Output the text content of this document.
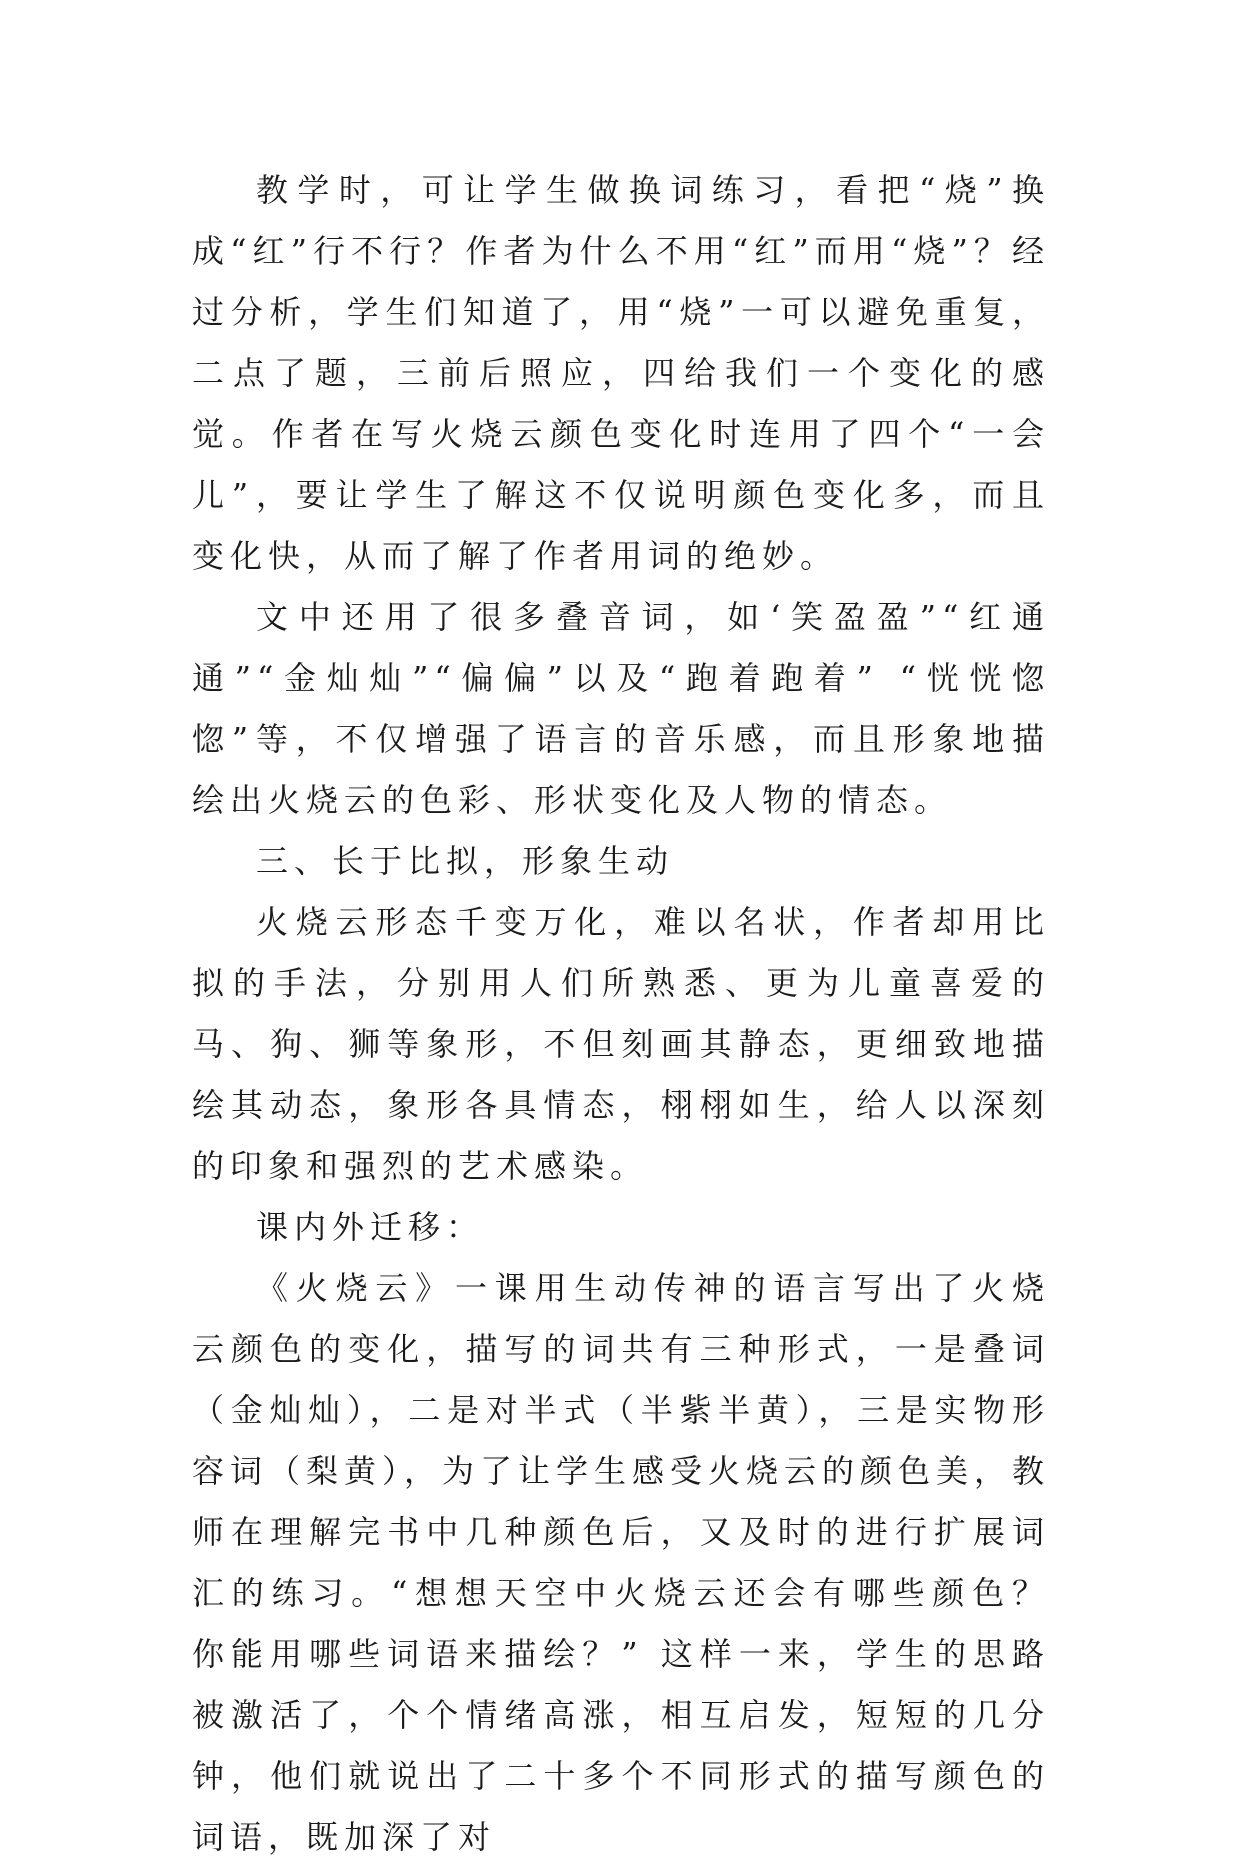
教学时，可让学生做换词练习，看把“烧”换成“红”行不行？作者为什么不用“红”而用“烧”？经过分析，学生们知道了，用“烧”一可以避免重复，二点了题，三前后照应，四给我们一个变化的感觉。作者在写火烧云颜色变化时连用了四个“一会儿”，要让学生了解这不仅说明颜色变化多，而且变化快，从而了解了作者用词的绝妙。

文中还用了很多叠音词，如‘笑盈盈”“红通通”“金灿灿”“偏偏”以及“跑着跑着” “恍恍惚惚”等，不仅增强了语言的音乐感，而且形象地描绘出火烧云的色彩、形状变化及人物的情态。

三、长于比拟，形象生动

火烧云形态千变万化，难以名状，作者却用比拟的手法，分别用人们所熟悉、更为儿童喜爱的马、狗、狮等象形，不但刻画其静态，更细致地描绘其动态，象形各具情态，栩栩如生，给人以深刻的印象和强烈的艺术感染。

课内外迁移：

《火烧云》一课用生动传神的语言写出了火烧云颜色的变化，描写的词共有三种形式，一是叠词（金灿灿），二是对半式（半紫半黄），三是实物形容词（梨黄），为了让学生感受火烧云的颜色美，教师在理解完书中几种颜色后，又及时的进行扩展词汇的练习。“想想天空中火烧云还会有哪些颜色？你能用哪些词语来描绘？” 这样一来，学生的思路被激活了，个个情绪高涨，相互启发，短短的几分钟，他们就说出了二十多个不同形式的描写颜色的词语，既加深了对
